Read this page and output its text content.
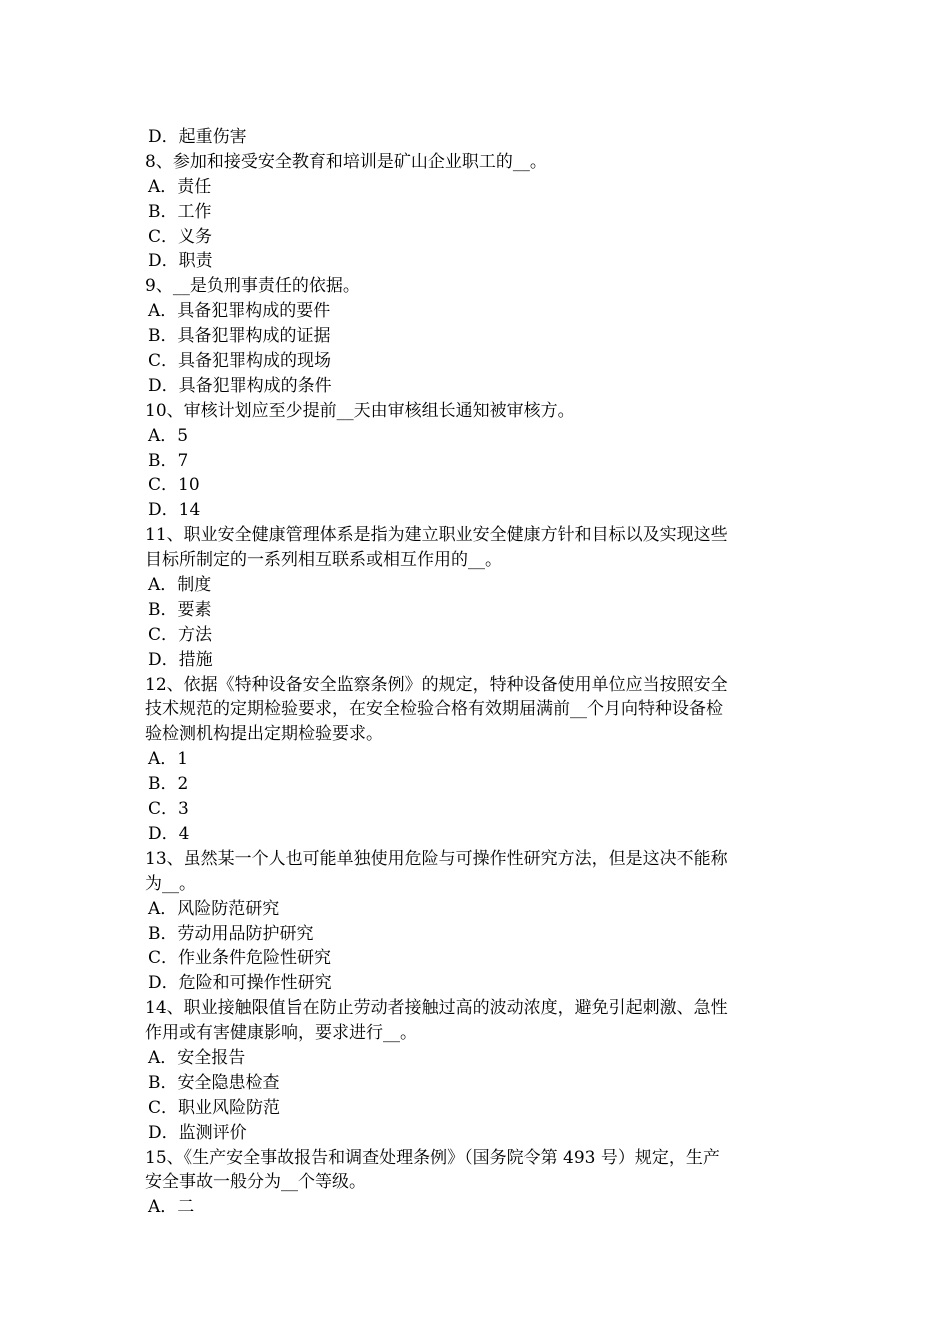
D．起重伤害
8、参加和接受安全教育和培训是矿山企业职工的__。
A．责任
B．工作
C．义务
D．职责
9、__是负刑事责任的依据。
A．具备犯罪构成的要件
B．具备犯罪构成的证据
C．具备犯罪构成的现场
D．具备犯罪构成的条件
10、审核计划应至少提前__天由审核组长通知被审核方。
A．5
B．7
C．10
D．14
11、职业安全健康管理体系是指为建立职业安全健康方针和目标以及实现这些
目标所制定的一系列相互联系或相互作用的__。
A．制度
B．要素
C．方法
D．措施
12、依据《特种设备安全监察条例》的规定，特种设备使用单位应当按照安全
技术规范的定期检验要求，在安全检验合格有效期届满前__个月向特种设备检
验检测机构提出定期检验要求。
A．1
B．2
C．3
D．4
13、虽然某一个人也可能单独使用危险与可操作性研究方法，但是这决不能称
为__。
A．风险防范研究
B．劳动用品防护研究
C．作业条件危险性研究
D．危险和可操作性研究
14、职业接触限值旨在防止劳动者接触过高的波动浓度，避免引起刺激、急性
作用或有害健康影响，要求进行__。
A．安全报告
B．安全隐患检查
C．职业风险防范
D．监测评价
15、《生产安全事故报告和调查处理条例》（国务院令第 493 号）规定，生产
安全事故一般分为__个等级。
A．二
